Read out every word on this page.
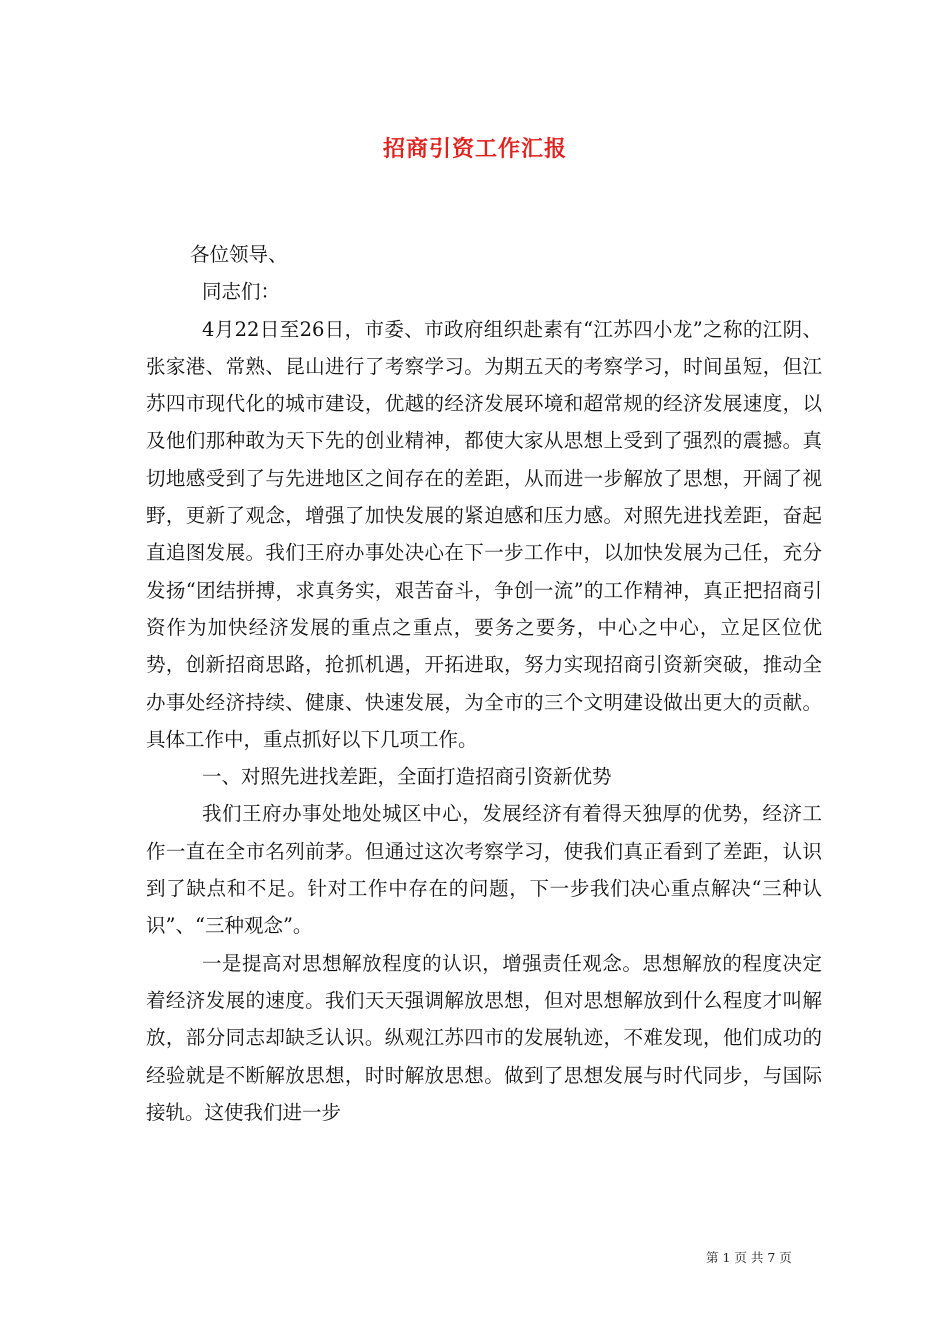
招商引资工作汇报

各位领导、

同志们：

4月22日至26日，市委、市政府组织赴素有“江苏四小龙”之称的江阴、张家港、常熟、昆山进行了考察学习。为期五天的考察学习，时间虽短，但江苏四市现代化的城市建设，优越的经济发展环境和超常规的经济发展速度，以及他们那种敢为天下先的创业精神，都使大家从思想上受到了强烈的震撼。真切地感受到了与先进地区之间存在的差距，从而进一步解放了思想，开阔了视野，更新了观念，增强了加快发展的紧迫感和压力感。对照先进找差距，奋起直追图发展。我们王府办事处决心在下一步工作中，以加快发展为己任，充分发扬“团结拼搏，求真务实，艰苦奋斗，争创一流”的工作精神，真正把招商引资作为加快经济发展的重点之重点，要务之要务，中心之中心，立足区位优势，创新招商思路，抢抓机遇，开拓进取，努力实现招商引资新突破，推动全办事处经济持续、健康、快速发展，为全市的三个文明建设做出更大的贡献。具体工作中，重点抓好以下几项工作。

一、对照先进找差距，全面打造招商引资新优势

我们王府办事处地处城区中心，发展经济有着得天独厚的优势，经济工作一直在全市名列前茅。但通过这次考察学习，使我们真正看到了差距，认识到了缺点和不足。针对工作中存在的问题，下一步我们决心重点解决“三种认识”、“三种观念”。

一是提高对思想解放程度的认识，增强责任观念。思想解放的程度决定着经济发展的速度。我们天天强调解放思想，但对思想解放到什么程度才叫解放，部分同志却缺乏认识。纵观江苏四市的发展轨迹，不难发现，他们成功的经验就是不断解放思想，时时解放思想。做到了思想发展与时代同步，与国际接轨。这使我们进一步

第 1 页 共 7 页
